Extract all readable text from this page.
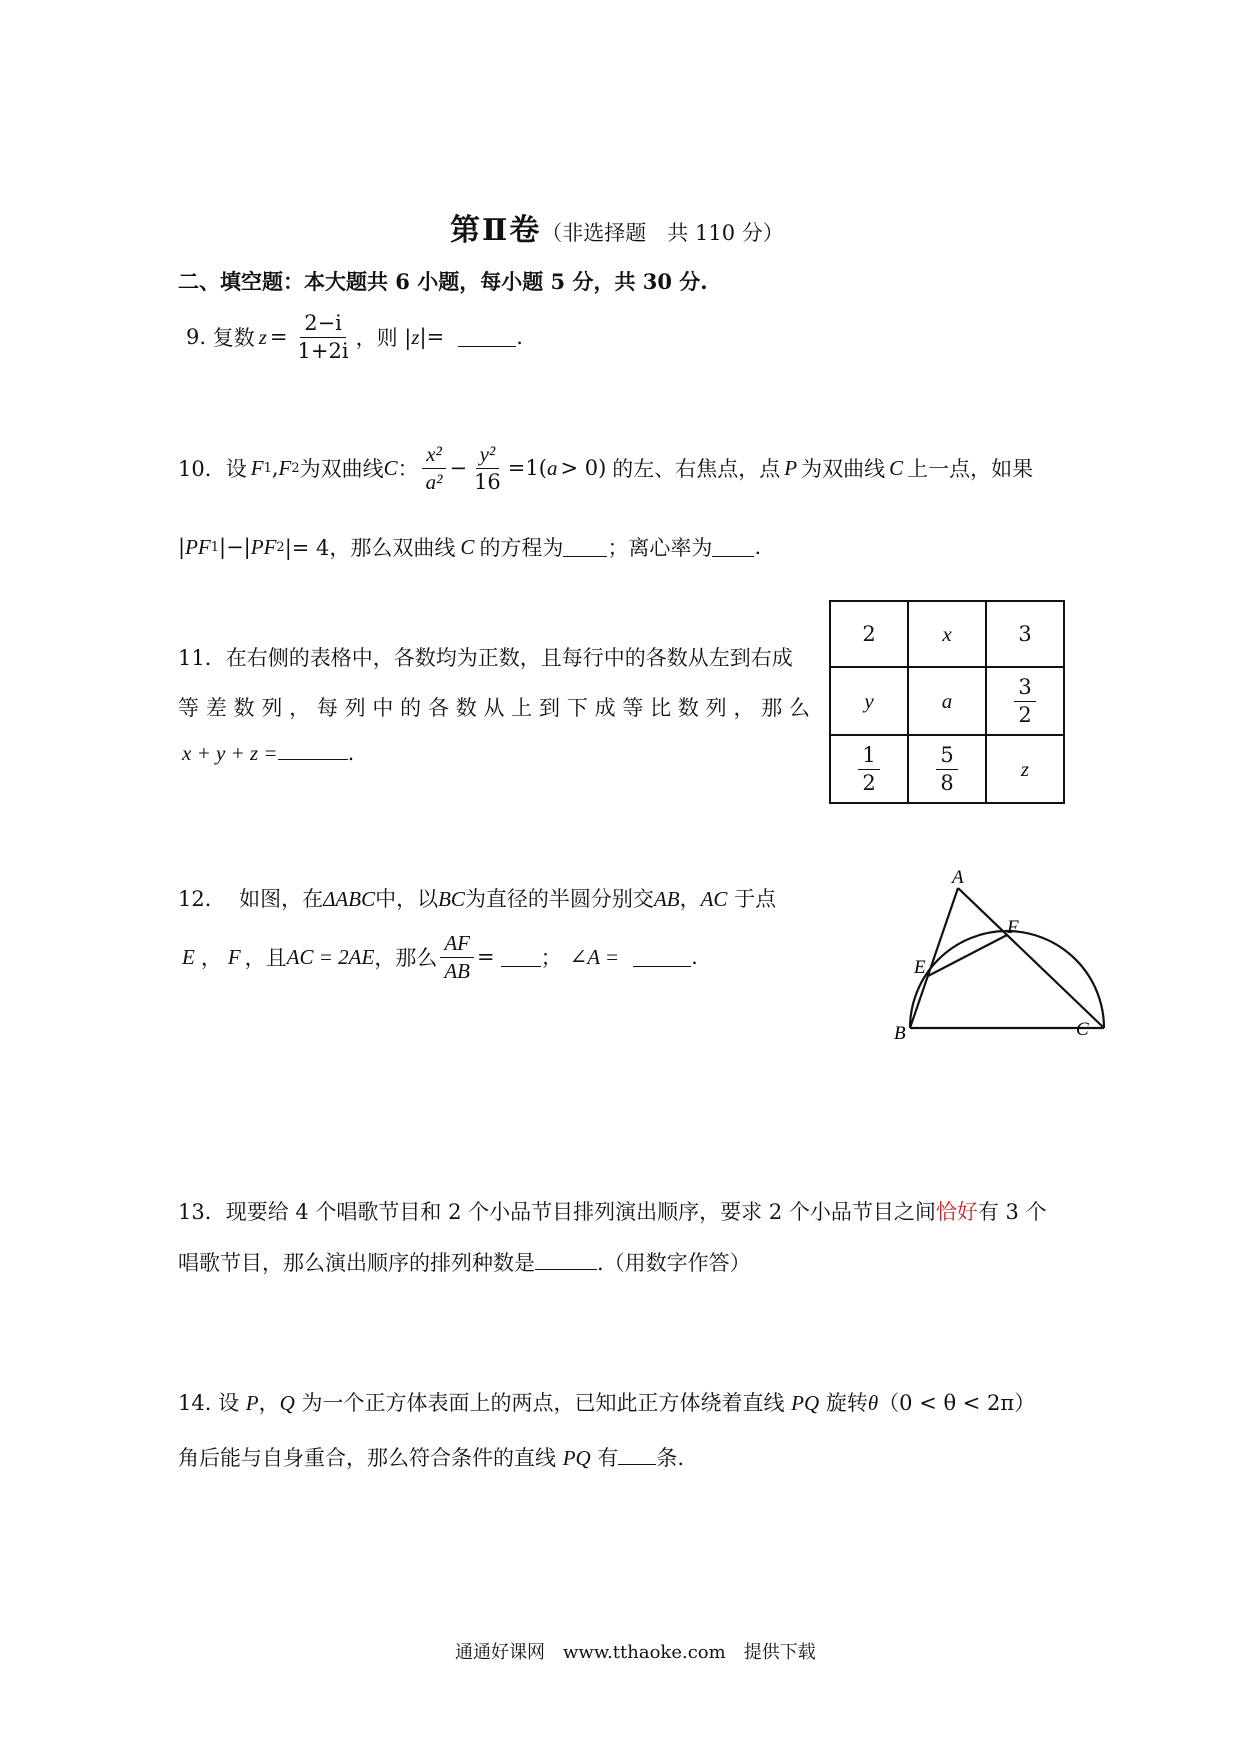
第Ⅱ卷（非选择题　共 110 分）
二、填空题：本大题共 6 小题，每小题 5 分，共 30 分.
9.
复数 $z = \frac{2-i}{1+2i}$ ，则 | z |=	.
10． 设 F 1 , F 2 为双曲线 C ： $\frac{\text{x²}}{\text{a²}} - \frac{\text{y²}}{16} =1$( a > 0) 的左、右焦点，点 P 为双曲线 C 上一点，如果
| PF 1 |−| PF 2 |= 4，那么双曲线 C 的方程为 ；离心率为 .
11．在右侧的表格中，各数均为正数，且每行中的各数从左到右成
等差数列，每列中的各数从上到下成等比数列，那么
x + y + z =	.
2	x	3
y	a	$\frac{3}{2}$

$\frac{1}{2}$	$\frac{5}{8}$	z
12． 如图，在ΔABC中，以BC为直径的半圆分别交AB，AC 于点
E ， F ，且 AC = 2AE ，那么 $\frac{AF}{AB}$ = ； ∠A =	.
A
B	C
E
F
13．现要给 4 个唱歌节目和 2 个小品节目排列演出顺序，要求 2 个小品节目之间恰好有 3 个
唱歌节目，那么演出顺序的排列种数是	.（用数字作答）
14. 设 P，Q 为一个正方体表面上的两点，已知此正方体绕着直线 PQ 旋转θ（0 < θ < 2π）
角后能与自身重合，那么符合条件的直线 PQ 有 条.
通通好课网　www.tthaoke.com　提供下载
